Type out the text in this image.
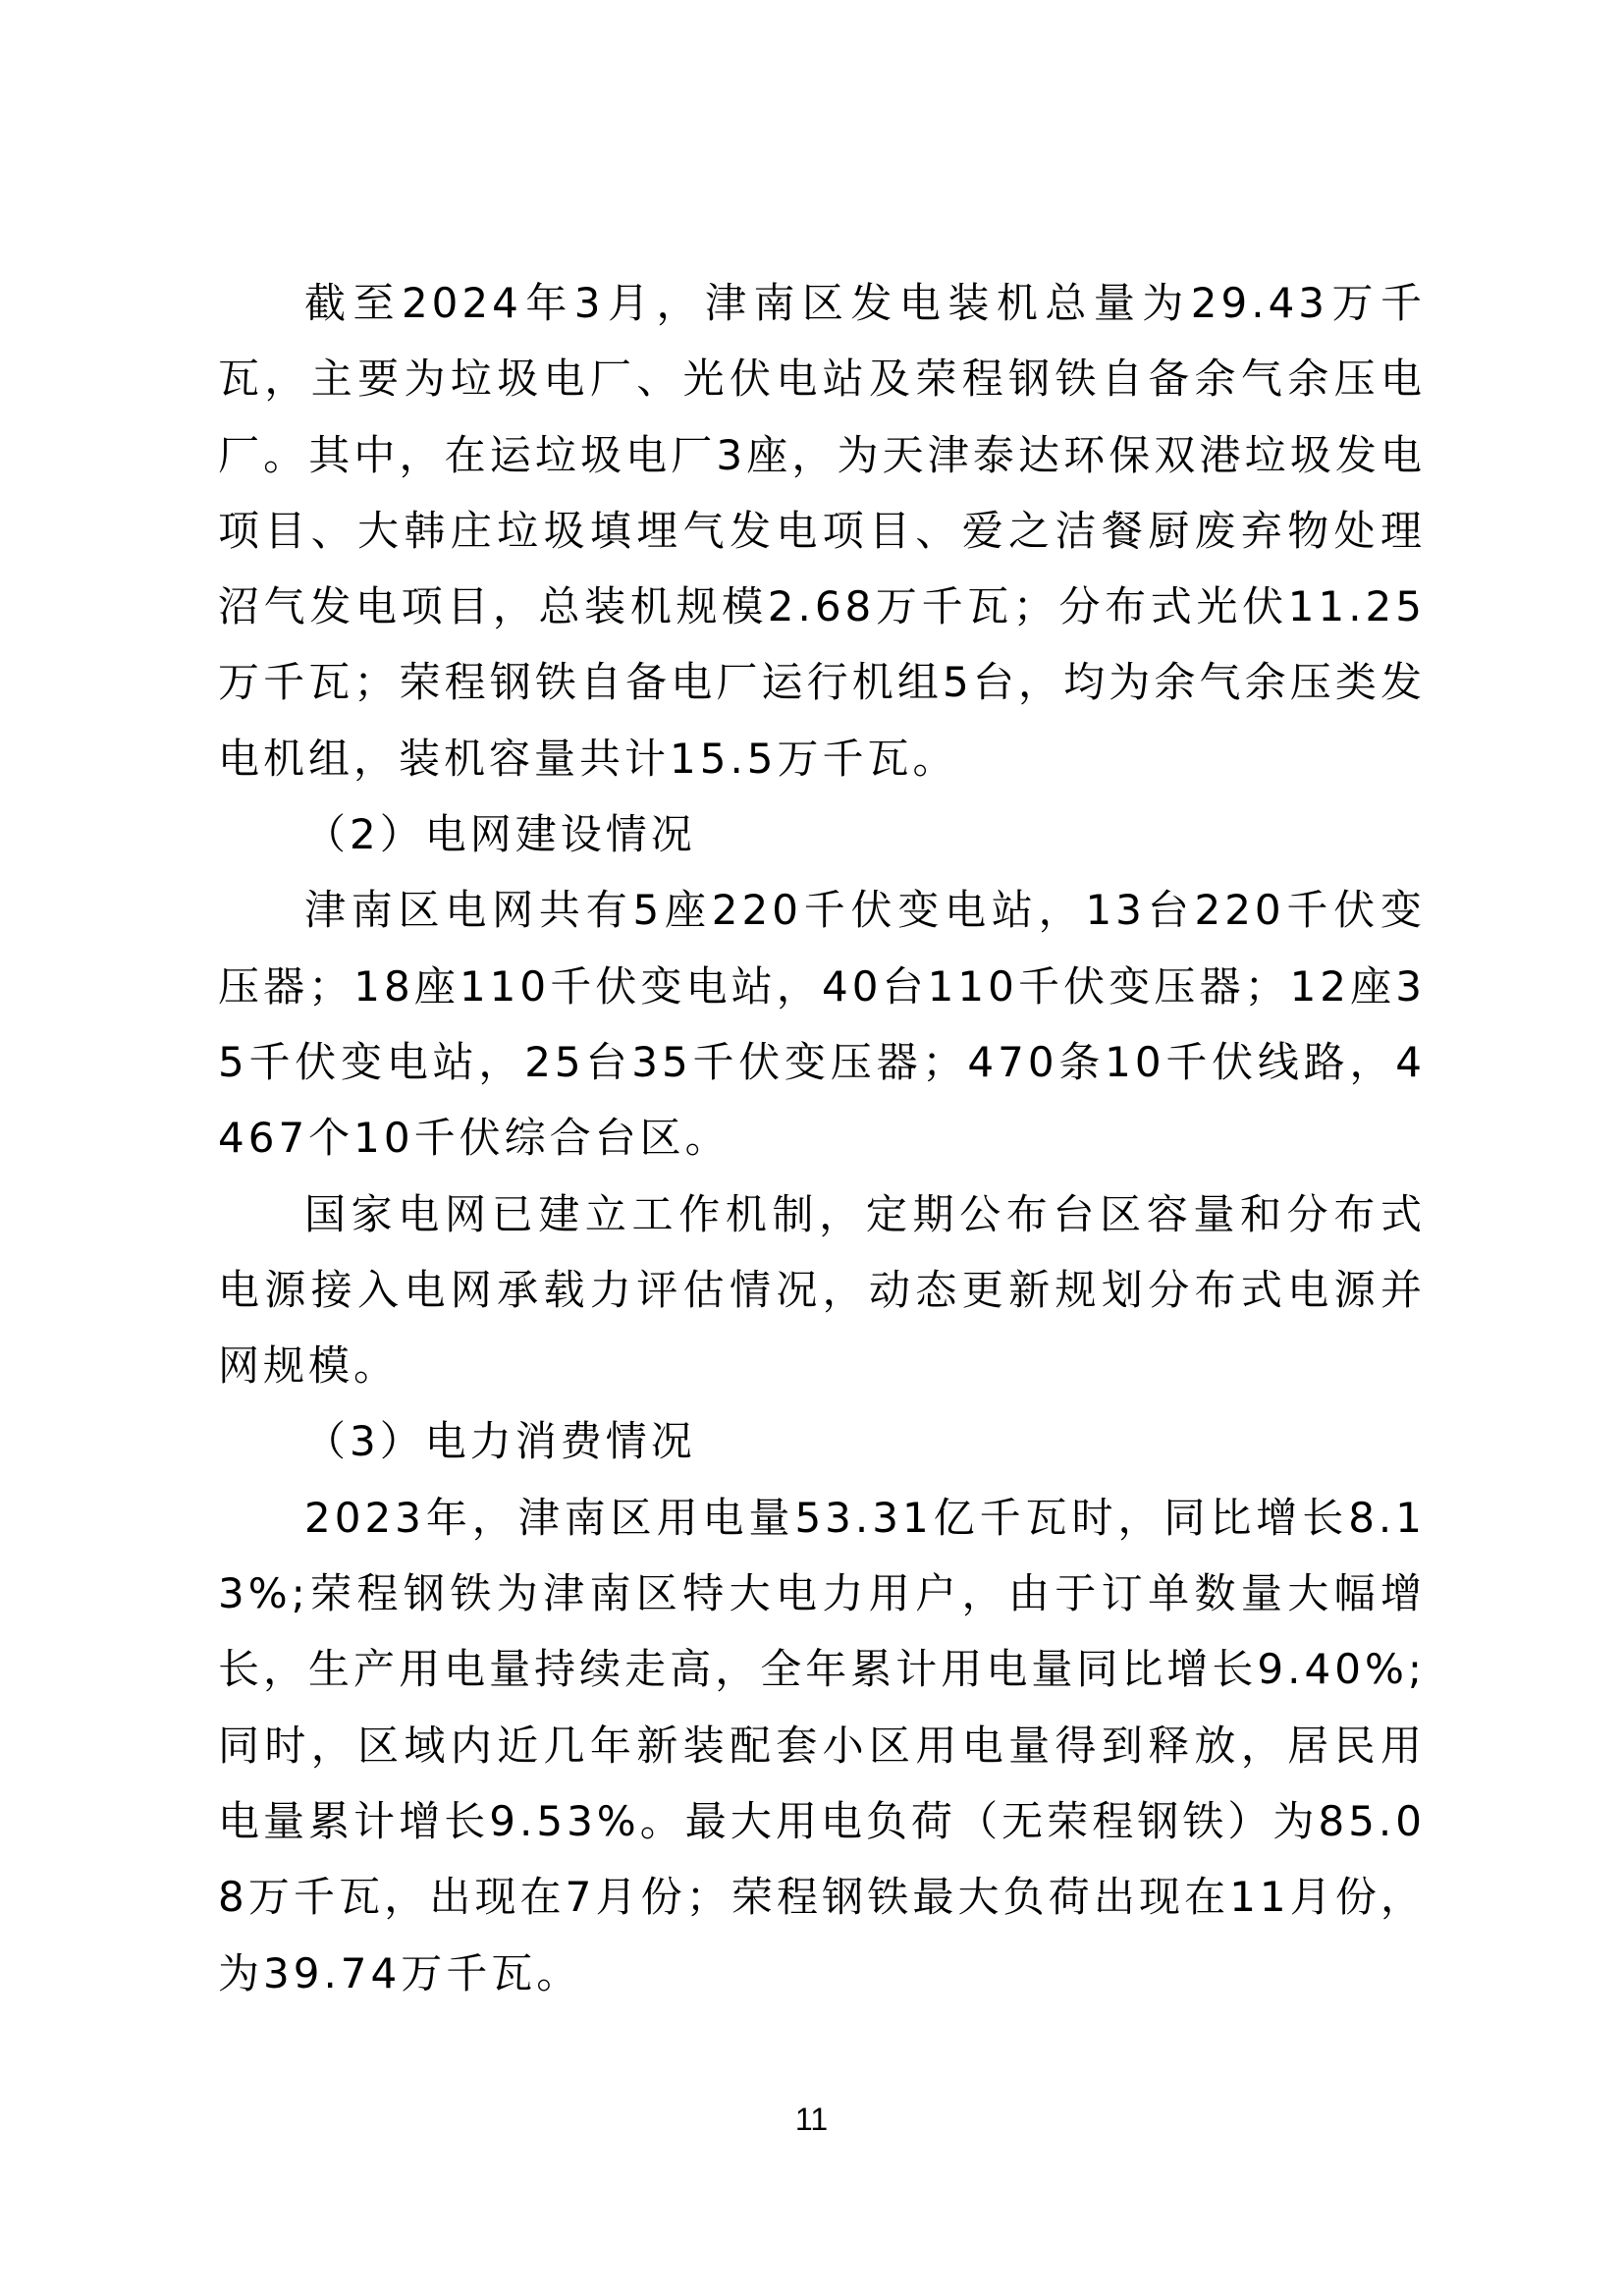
截至2024年3月，津南区发电装机总量为29.43万千瓦，主要为垃圾电厂、光伏电站及荣程钢铁自备余气余压电厂。其中，在运垃圾电厂3座，为天津泰达环保双港垃圾发电项目、大韩庄垃圾填埋气发电项目、爱之洁餐厨废弃物处理沼气发电项目，总装机规模2.68万千瓦；分布式光伏11.25万千瓦；荣程钢铁自备电厂运行机组5台，均为余气余压类发电机组，装机容量共计15.5万千瓦。

（2）电网建设情况

津南区电网共有5座220千伏变电站，13台220千伏变压器；18座110千伏变电站，40台110千伏变压器；12座35千伏变电站，25台35千伏变压器；470条10千伏线路，4467个10千伏综合台区。

国家电网已建立工作机制，定期公布台区容量和分布式电源接入电网承载力评估情况，动态更新规划分布式电源并网规模。

（3）电力消费情况

2023年，津南区用电量53.31亿千瓦时，同比增长8.13%;荣程钢铁为津南区特大电力用户，由于订单数量大幅增长，生产用电量持续走高，全年累计用电量同比增长9.40%; 同时，区域内近几年新装配套小区用电量得到释放，居民用电量累计增长9.53%。最大用电负荷（无荣程钢铁）为85.08万千瓦，出现在7月份；荣程钢铁最大负荷出现在11月份，为39.74万千瓦。

11
